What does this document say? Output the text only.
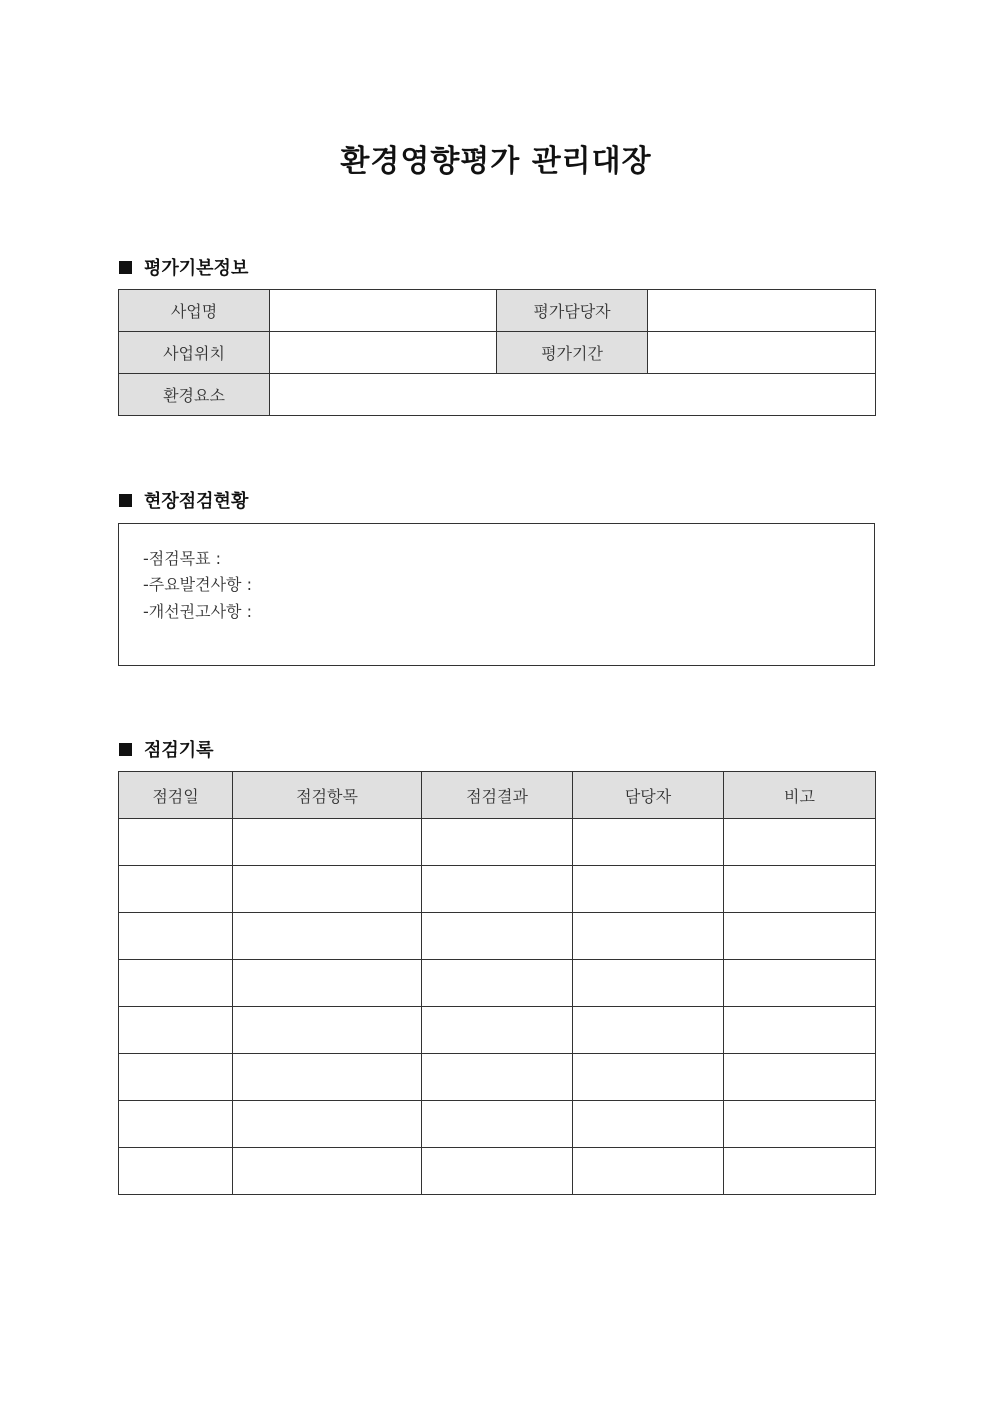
환경영향평가 관리대장
평가기본정보
사업명		평가담당자	
사업위치		평가기간	
환경요소			
현장점검현황
-점검목표 :
-주요발견사항 :
-개선권고사항 :
점검기록
점검일	점검항목	점검결과	담당자	비고
